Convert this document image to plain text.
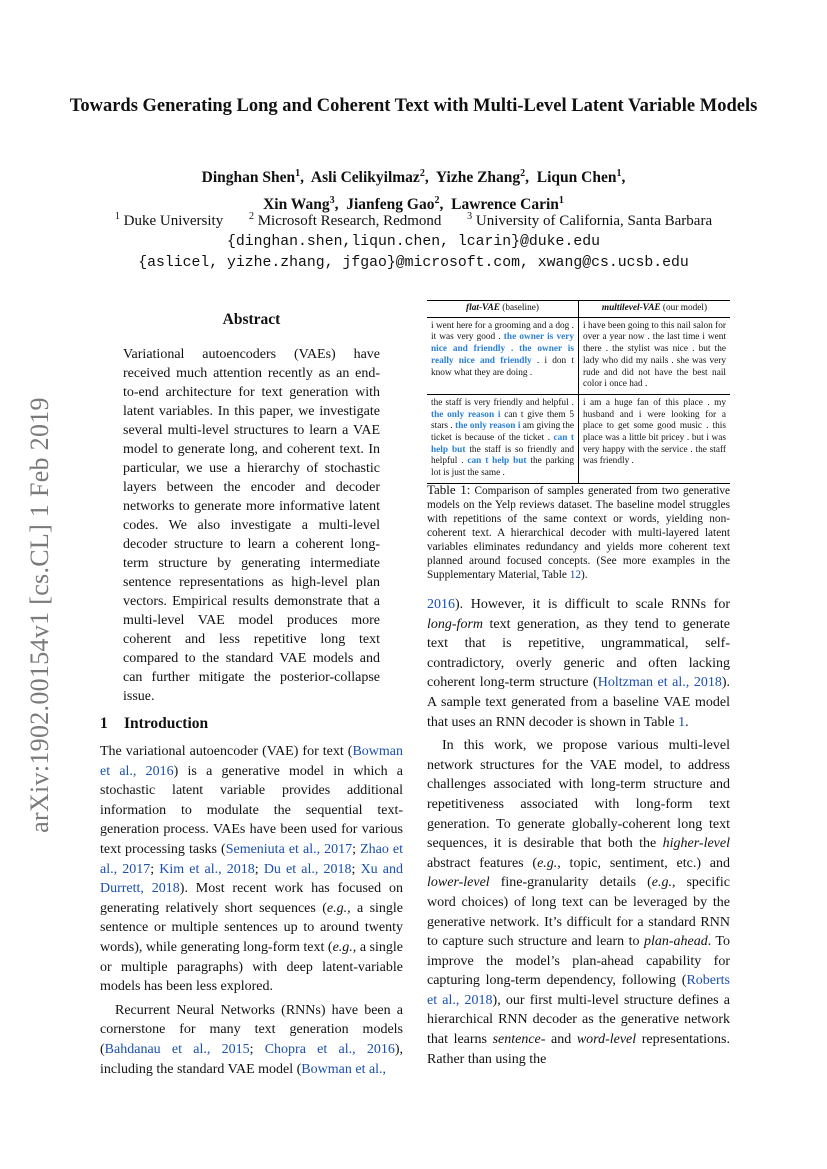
Towards Generating Long and Coherent Text with Multi-Level Latent Variable Models
Dinghan Shen$^1$,  Asli Celikyilmaz$^2$,  Yizhe Zhang$^2$,  Liqun Chen$^1$,
Xin Wang$^3$,  Jianfeng Gao$^2$,  Lawrence Carin$^1$
$^1$ Duke University	$^2$ Microsoft Research, Redmond	$^3$ University of California, Santa Barbara
{dinghan.shen,liqun.chen, lcarin}@duke.edu
{aslicel, yizhe.zhang, jfgao}@microsoft.com, xwang@cs.ucsb.edu
arXiv:1902.00154v1 [cs.CL] 1 Feb 2019
Abstract
Variational autoencoders (VAEs) have received much attention recently as an end-to-end architecture for text generation with latent variables. In this paper, we investigate several multi-level structures to learn a VAE model to generate long, and coherent text. In particular, we use a hierarchy of stochastic layers between the encoder and decoder networks to generate more informative latent codes. We also investigate a multi-level decoder structure to learn a coherent long-term structure by generating intermediate sentence representations as high-level plan vectors. Empirical results demonstrate that a multi-level VAE model produces more coherent and less repetitive long text compared to the standard VAE models and can further mitigate the posterior-collapse issue.
1 Introduction

The variational autoencoder (VAE) for text (Bowman et al., 2016) is a generative model in which a stochastic latent variable provides additional information to modulate the sequential text-generation process. VAEs have been used for various text processing tasks (Semeniuta et al., 2017; Zhao et al., 2017; Kim et al., 2018; Du et al., 2018; Xu and Durrett, 2018). Most recent work has focused on generating relatively short sequences (e.g., a single sentence or multiple sentences up to around twenty words), while generating long-form text (e.g., a single or multiple paragraphs) with deep latent-variable models has been less explored.

Recurrent Neural Networks (RNNs) have been a cornerstone for many text generation models (Bahdanau et al., 2015; Chopra et al., 2016), including the standard VAE model (Bowman et al.,

flat-VAE (baseline)	multilevel-VAE (our model)
i went here for a grooming and a dog . it was very good . the owner is very nice and friendly . the owner is really nice and friendly . i don t know what they are doing .	i have been going to this nail salon for over a year now . the last time i went there . the stylist was nice . but the lady who did my nails . she was very rude and did not have the best nail color i once had .
the staff is very friendly and helpful . the only reason i can t give them 5 stars . the only reason i am giving the ticket is because of the ticket . can t help but the staff is so friendly and helpful . can t help but the parking lot is just the same .	i am a huge fan of this place . my husband and i were looking for a place to get some good music . this place was a little bit pricey . but i was very happy with the service . the staff was friendly .
Table 1: Comparison of samples generated from two generative models on the Yelp reviews dataset. The baseline model struggles with repetitions of the same context or words, yielding non-coherent text. A hierarchical decoder with multi-layered latent variables eliminates redundancy and yields more coherent text planned around focused concepts. (See more examples in the Supplementary Material, Table 12).

2016). However, it is difficult to scale RNNs for long-form text generation, as they tend to generate text that is repetitive, ungrammatical, self-contradictory, overly generic and often lacking coherent long-term structure (Holtzman et al., 2018). A sample text generated from a baseline VAE model that uses an RNN decoder is shown in Table 1.

In this work, we propose various multi-level network structures for the VAE model, to address challenges associated with long-term structure and repetitiveness associated with long-form text generation. To generate globally-coherent long text sequences, it is desirable that both the higher-level abstract features (e.g., topic, sentiment, etc.) and lower-level fine-granularity details (e.g., specific word choices) of long text can be leveraged by the generative network. It’s difficult for a standard RNN to capture such structure and learn to plan-ahead. To improve the model’s plan-ahead capability for capturing long-term dependency, following (Roberts et al., 2018), our first multi-level structure defines a hierarchical RNN decoder as the generative network that learns sentence- and word-level representations. Rather than using the
